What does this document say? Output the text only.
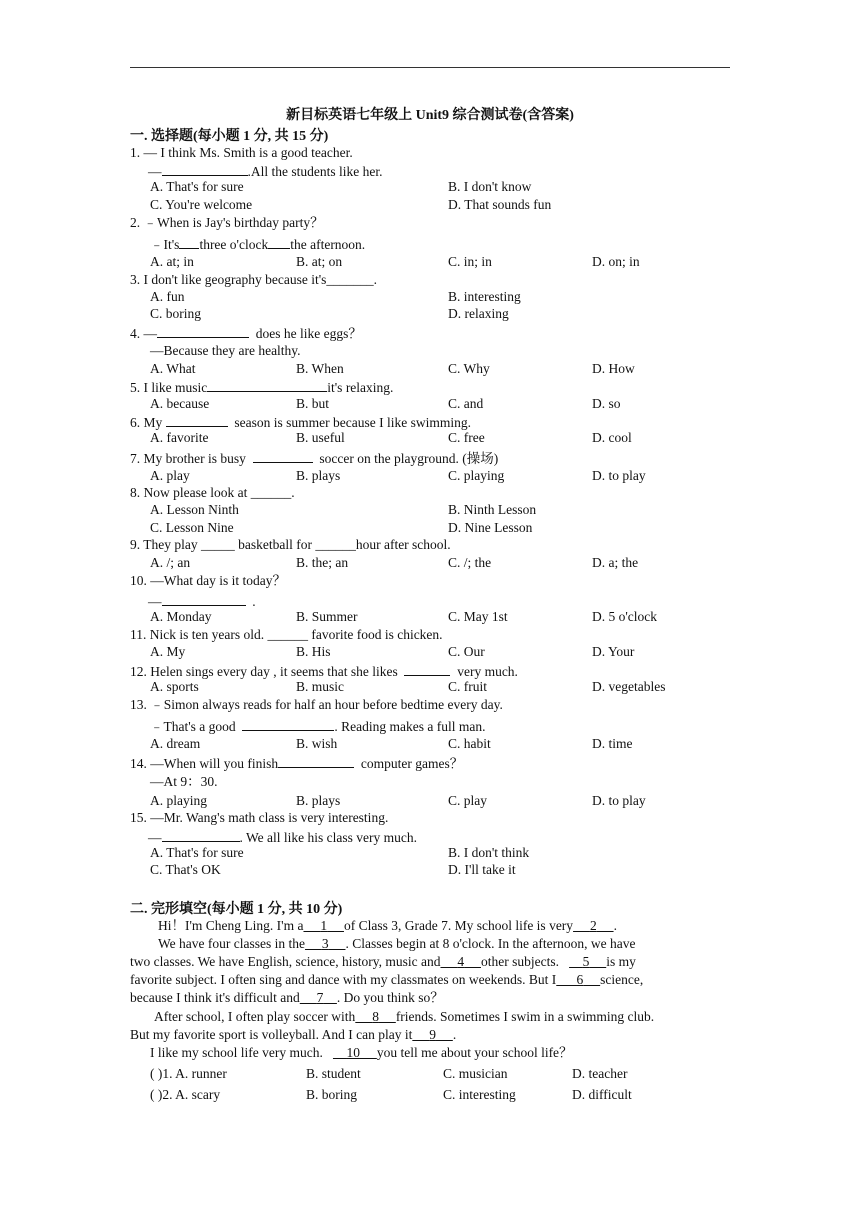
新目标英语七年级上 Unit9 综合测试卷(含答案)
一. 选择题(每小题 1 分, 共 15 分)
1. — I think Ms. Smith is a good teacher.
—	.All the students like her.
A. That's for sure	B. I don't know
C. You're welcome	D. That sounds fun
2. ﹣When is Jay's birthday party？
﹣It's three o'clock the afternoon.
A. at; in	B. at; on	C. in; in	D. on; in
3. I don't like geography because it's_______.
A. fun	B. interesting
C. boring	D. relaxing
4. —	does he like eggs？
—Because they are healthy.
A. What	B. When	C. Why	D. How
5. I like music	it's relaxing.
A. because	B. but	C. and	D. so
6. My	season is summer because I like swimming.
A. favorite	B. useful	C. free	D. cool
7. My brother is busy	soccer on the playground. (操场)
A. play	B. plays	C. playing	D. to play
8. Now please look at ______.
A. Lesson Ninth	B. Ninth Lesson
C. Lesson Nine	D. Nine Lesson
9. They play _____ basketball for ______hour after school.
A. /; an	B. the; an	C. /; the	D. a; the
10. —What day is it today？
—	.
A. Monday	B. Summer	C. May 1st	D. 5 o'clock
11. Nick is ten years old. ______ favorite food is chicken.
A. My	B. His	C. Our	D. Your
12. Helen sings every day , it seems that she likes	very much.
A. sports	B. music	C. fruit	D. vegetables
13. ﹣Simon always reads for half an hour before bedtime every day.
﹣That's a good	. Reading makes a full man.
A. dream	B. wish	C. habit	D. time
14. —When will you finish	computer games？
—At 9：30.
A. playing	B. plays	C. play	D. to play
15. —Mr. Wang's math class is very interesting.
—	. We all like his class very much.
A. That's for sure	B. I don't think
C. That's OK	D. I'll take it
二. 完形填空(每小题 1 分, 共 10 分)
Hi！I'm Cheng Ling. I'm a 1 of Class 3, Grade 7. My school life is very 2 .
We have four classes in the 3 . Classes begin at 8 o'clock. In the afternoon, we have
two classes. We have English, science, history, music and 4 other subjects. 5 is my
favorite subject. I often sing and dance with my classmates on weekends. But I 6 science,
because I think it's difficult and 7 . Do you think so？
After school, I often play soccer with 8 friends. Sometimes I swim in a swimming club.
But my favorite sport is volleyball. And I can play it 9 .
I like my school life very much. 10 you tell me about your school life？
( )1. A. runner	B. student	C. musician	D. teacher
( )2. A. scary	B. boring	C. interesting	D. difficult
